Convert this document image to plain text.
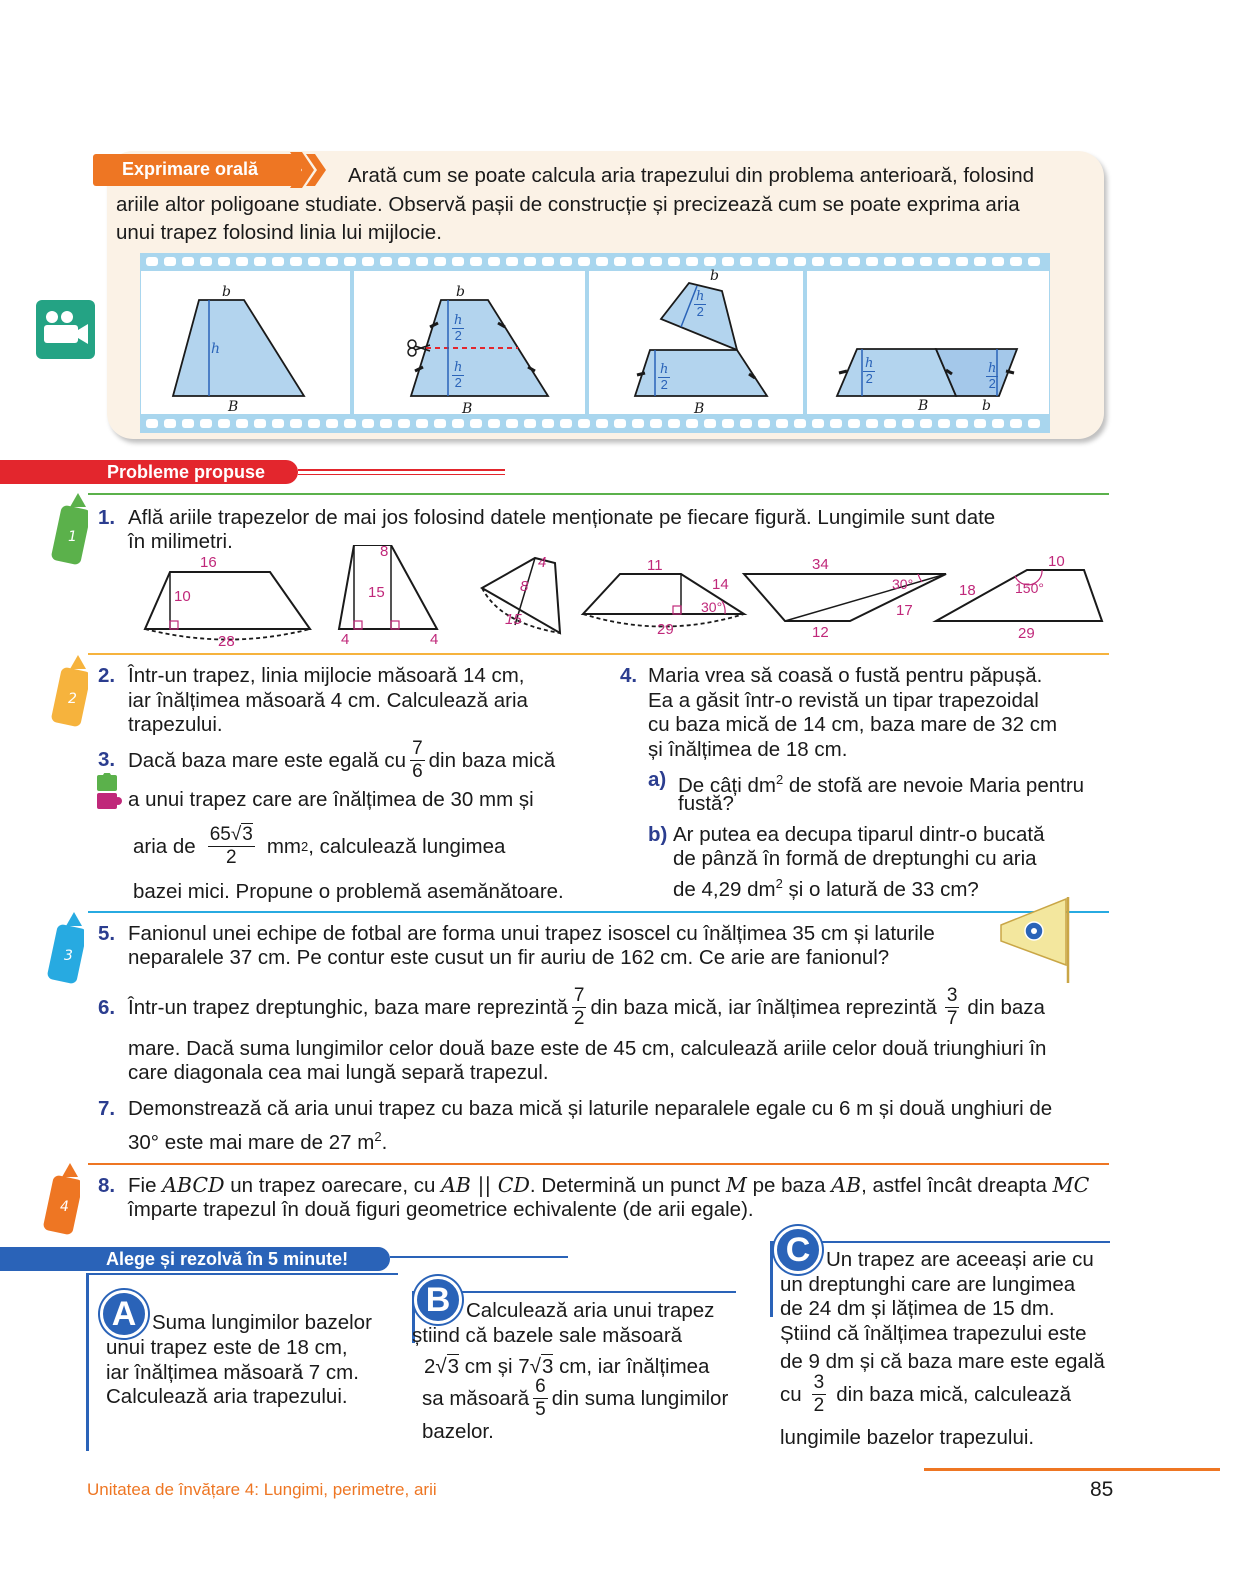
Exprimare orală	Arată cum se poate calcula aria trapezului din problema anterioară, folosind
ariile altor poligoane studiate. Observă pașii de construcție și precizează cum se poate exprima aria
unui trapez folosind linia lui mijlocie.
b
h
B
b
$\frac{h}{2}$
$\frac{h}{2}$
B
b
$\frac{h}{2}$
$\frac{h}{2}$
B
$\frac{h}{2}$	$\frac{h}{2}$
B	b
Probleme propuse
1
2
3
4
1. Află ariile trapezelor de mai jos folosind datele menționate pe fiecare figură. Lungimile sunt date
în milimetri.
16
10
28
8
15
4	4
4
8
15
11
14
30°
29
34
30°
17
12
10
18	150°
29
2. Într-un trapez, linia mijlocie măsoară 14 cm,
iar înălțimea măsoară 4 cm. Calculează aria
trapezului.
3. Dacă baza mare este egală cu $\frac{7}{6}$ din baza mică
a unui trapez care are înălțimea de 30 mm și
aria de $\frac{65√3}{2}$ mm 2 , calculează lungimea
bazei mici. Propune o problemă asemănătoare.
4. Maria vrea să coasă o fustă pentru păpușă.
Ea a găsit într-o revistă un tipar trapezoidal
cu baza mică de 14 cm, baza mare de 32 cm
și înălțimea de 18 cm.
a) De câți $dm^2$ de stofă are nevoie Maria pentru
fustă?
b) Ar putea ea decupa tiparul dintr-o bucată
de pânză în formă de dreptunghi cu aria
de 4,29 $dm^2$ și o latură de 33 cm?
5. Fanionul unei echipe de fotbal are forma unui trapez isoscel cu înălțimea 35 cm și laturile
neparalele 37 cm. Pe contur este cusut un fir auriu de 162 cm. Ce arie are fanionul?
6. Într-un trapez dreptunghic, baza mare reprezintă $\frac{7}{2}$ din baza mică, iar înălțimea reprezintă $\frac{3}{7}$ din baza
mare. Dacă suma lungimilor celor două baze este de 45 cm, calculează ariile celor două triunghiuri în
care diagonala cea mai lungă separă trapezul.
7. Demonstrează că aria unui trapez cu baza mică și laturile neparalele egale cu 6 m și două unghiuri de
30° este mai mare de 27 $m^2$.
8. Fie ABCD un trapez oarecare, cu AB || CD. Determină un punct M pe baza AB, astfel încât dreapta MC
împarte trapezul în două figuri geometrice echivalente (de arii egale).
Alege și rezolvă în 5 minute!
A Suma lungimilor bazelor
unui trapez este de 18 cm,
iar înălțimea măsoară 7 cm.
Calculează aria trapezului.
B Calculează aria unui trapez
știind că bazele sale măsoară
2√3 cm și 7√3 cm, iar înălțimea
sa măsoară $\frac{6}{5}$ din suma lungimilor
bazelor.
C Un trapez are aceeași arie cu
un dreptunghi care are lungimea
de 24 dm și lățimea de 15 dm.
Știind că înălțimea trapezului este
de 9 dm și că baza mare este egală
cu $\frac{3}{2}$ din baza mică, calculează
lungimile bazelor trapezului.
Unitatea de învățare 4: Lungimi, perimetre, arii	85
